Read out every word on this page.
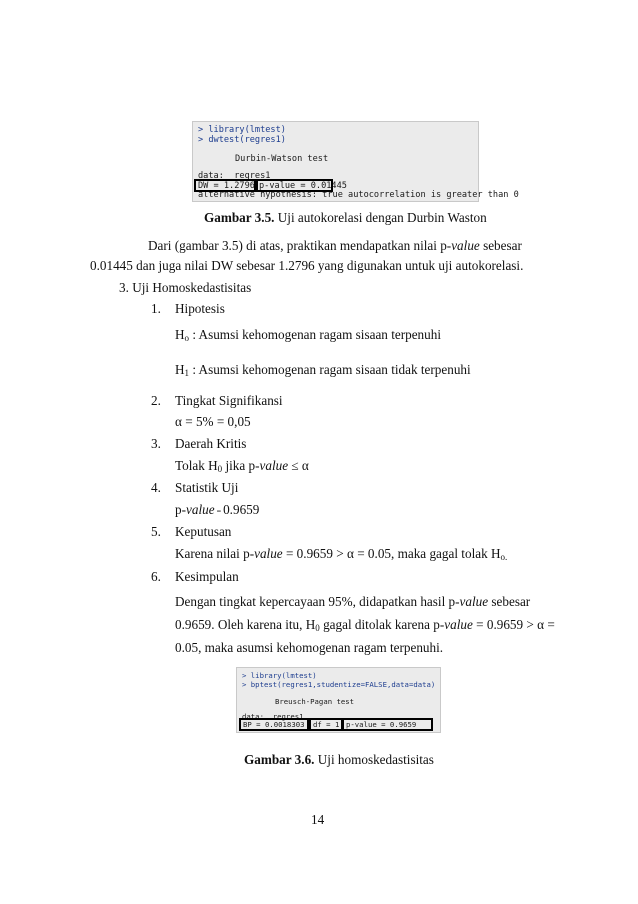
> library(lmtest)
> dwtest(regres1)
Durbin-Watson test
data:  regres1
DW = 1.2796 p-value = 0.01445
alternative hypothesis: true autocorrelation is greater than 0
Gambar 3.5. Uji autokorelasi dengan Durbin Waston
Dari (gambar 3.5) di atas, praktikan mendapatkan nilai p-value sebesar
0.01445 dan juga nilai DW sebesar 1.2796 yang digunakan untuk uji autokorelasi.
3. Uji Homoskedastisitas
1. Hipotesis
$H_o$ : Asumsi kehomogenan ragam sisaan terpenuhi
$H_1$ : Asumsi kehomogenan ragam sisaan tidak terpenuhi
2. Tingkat Signifikansi
α = 5% = 0,05
3. Daerah Kritis
Tolak $H_0$ jika p-value ≤ α
4. Statistik Uji
p-value = 0.9659
5. Keputusan
Karena nilai p-value = 0.9659 > α = 0.05, maka gagal tolak $H_{o.}$
6. Kesimpulan
Dengan tingkat kepercayaan 95%, didapatkan hasil p-value sebesar
0.9659. Oleh karena itu, $H_0$ gagal ditolak karena p-value = 0.9659 > α =
0.05, maka asumsi kehomogenan ragam terpenuhi.
> library(lmtest)
> bptest(regres1,studentize=FALSE,data=data)
Breusch-Pagan test
data:  regres1
BP = 0.0018303 df = 1 p-value = 0.9659
Gambar 3.6. Uji homoskedastisitas
14
